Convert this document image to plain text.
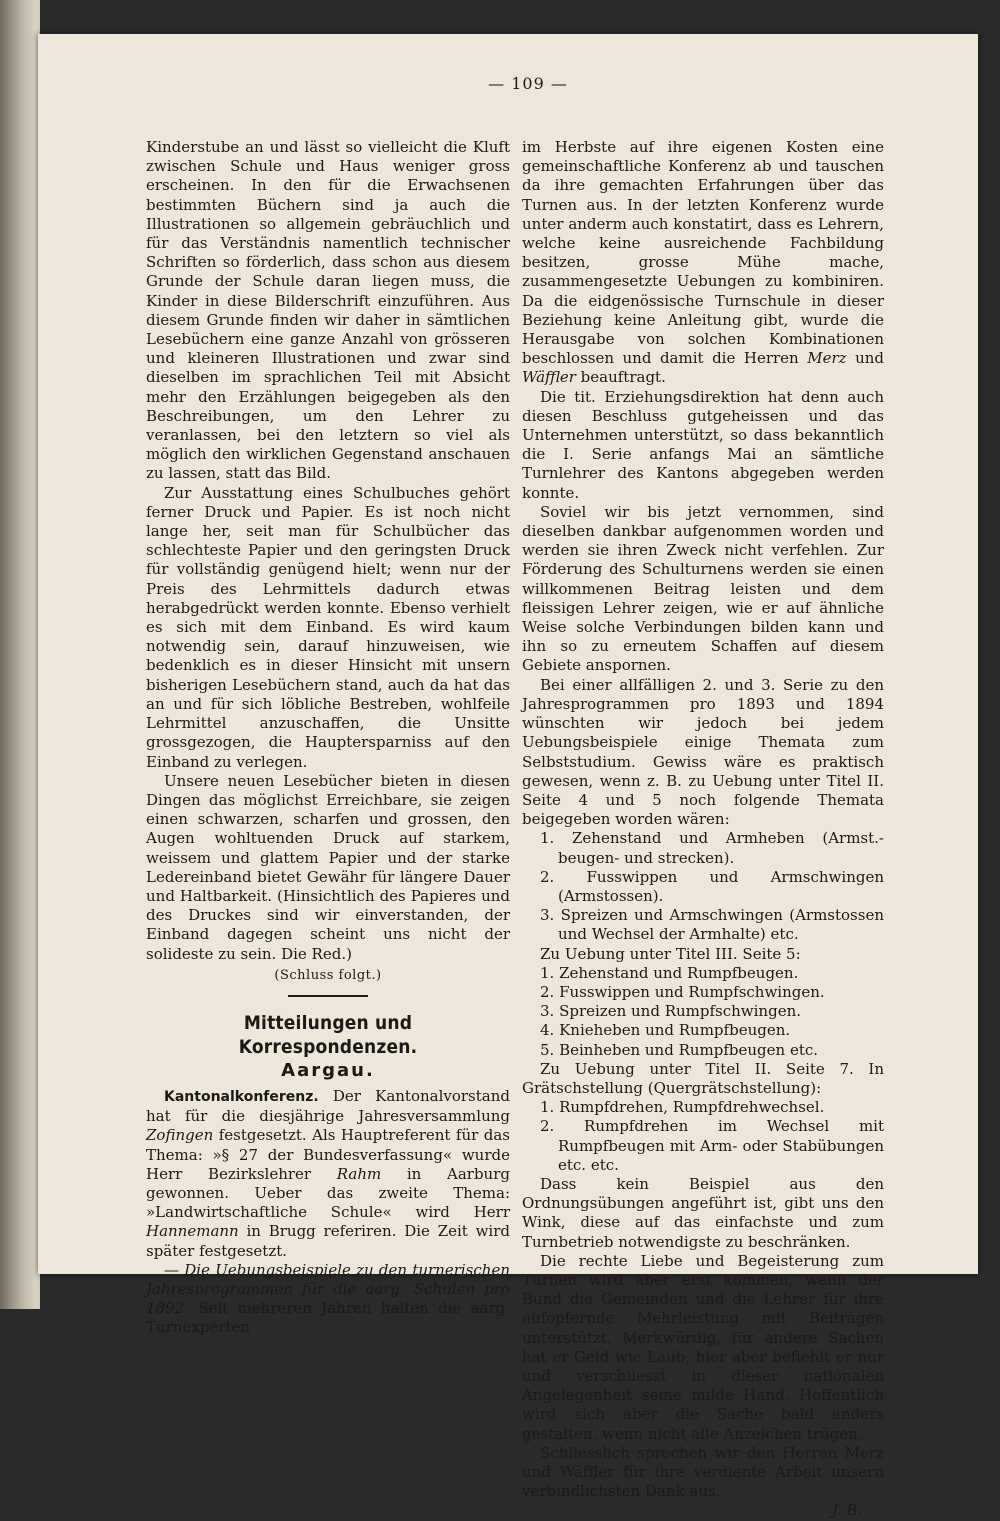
— 109 —

Kinderstube an und lässt so vielleicht die Kluft zwischen Schule und Haus weniger gross erscheinen. In den für die Erwachsenen bestimmten Büchern sind ja auch die Illustrationen so allgemein gebräuchlich und für das Verständnis namentlich technischer Schriften so förderlich, dass schon aus diesem Grunde der Schule daran liegen muss, die Kinder in diese Bilderschrift einzuführen. Aus diesem Grunde finden wir daher in sämtlichen Lesebüchern eine ganze Anzahl von grösseren und kleineren Illustrationen und zwar sind dieselben im sprachlichen Teil mit Absicht mehr den Erzählungen beigegeben als den Beschreibungen, um den Lehrer zu veranlassen, bei den letztern so viel als möglich den wirklichen Gegenstand anschauen zu lassen, statt das Bild.

Zur Ausstattung eines Schulbuches gehört ferner Druck und Papier. Es ist noch nicht lange her, seit man für Schulbücher das schlechteste Papier und den geringsten Druck für vollständig genügend hielt; wenn nur der Preis des Lehrmittels dadurch etwas herabgedrückt werden konnte. Ebenso verhielt es sich mit dem Einband. Es wird kaum notwendig sein, darauf hinzuweisen, wie bedenklich es in dieser Hinsicht mit unsern bisherigen Lesebüchern stand, auch da hat das an und für sich löbliche Bestreben, wohlfeile Lehrmittel anzuschaffen, die Unsitte grossgezogen, die Hauptersparniss auf den Einband zu verlegen.

Unsere neuen Lesebücher bieten in diesen Dingen das möglichst Erreichbare, sie zeigen einen schwarzen, scharfen und grossen, den Augen wohltuenden Druck auf starkem, weissem und glattem Papier und der starke Ledereinband bietet Gewähr für längere Dauer und Haltbarkeit. (Hinsichtlich des Papieres und des Druckes sind wir einverstanden, der Einband dagegen scheint uns nicht der solideste zu sein. Die Red.)

(Schluss folgt.)
Mitteilungen und Korrespondenzen.
Aargau.

Kantonalkonferenz. Der Kantonalvorstand hat für die diesjährige Jahresversammlung Zofingen festgesetzt. Als Hauptreferent für das Thema: »§ 27 der Bundesverfassung« wurde Herr Bezirkslehrer Rahm in Aarburg gewonnen. Ueber das zweite Thema: »Landwirtschaftliche Schule« wird Herr Hannemann in Brugg referiren. Die Zeit wird später festgesetzt.

— Die Uebungsbeispiele zu den turnerischen Jahresprogrammen für die aarg. Schulen pro 1892. Seit mehreren Jahren halten die aarg. Turnexperten

im Herbste auf ihre eigenen Kosten eine gemeinschaftliche Konferenz ab und tauschen da ihre gemachten Erfahrungen über das Turnen aus. In der letzten Konferenz wurde unter anderm auch konstatirt, dass es Lehrern, welche keine ausreichende Fachbildung besitzen, grosse Mühe mache, zusammengesetzte Uebungen zu kombiniren. Da die eidgenössische Turnschule in dieser Beziehung keine Anleitung gibt, wurde die Herausgabe von solchen Kombinationen beschlossen und damit die Herren Merz und Wäffler beauftragt.

Die tit. Erziehungsdirektion hat denn auch diesen Beschluss gutgeheissen und das Unternehmen unterstützt, so dass bekanntlich die I. Serie anfangs Mai an sämtliche Turnlehrer des Kantons abgegeben werden konnte.

Soviel wir bis jetzt vernommen, sind dieselben dankbar aufgenommen worden und werden sie ihren Zweck nicht verfehlen. Zur Förderung des Schulturnens werden sie einen willkommenen Beitrag leisten und dem fleissigen Lehrer zeigen, wie er auf ähnliche Weise solche Verbindungen bilden kann und ihn so zu erneutem Schaffen auf diesem Gebiete anspornen.

Bei einer allfälligen 2. und 3. Serie zu den Jahresprogrammen pro 1893 und 1894 wünschten wir jedoch bei jedem Uebungsbeispiele einige Themata zum Selbststudium. Gewiss wäre es praktisch gewesen, wenn z. B. zu Uebung unter Titel II. Seite 4 und 5 noch folgende Themata beigegeben worden wären:

1. Zehenstand und Armheben (Armst.-beugen- und strecken).
2. Fusswippen und Armschwingen (Armstossen).
3. Spreizen und Armschwingen (Armstossen und Wechsel der Armhalte) etc.

Zu Uebung unter Titel III. Seite 5:

1. Zehenstand und Rumpfbeugen.
2. Fusswippen und Rumpfschwingen.
3. Spreizen und Rumpfschwingen.
4. Knieheben und Rumpfbeugen.
5. Beinheben und Rumpfbeugen etc.

Zu Uebung unter Titel II. Seite 7. In Grätschstellung (Quergrätschstellung):

1. Rumpfdrehen, Rumpfdrehwechsel.
2. Rumpfdrehen im Wechsel mit Rumpfbeugen mit Arm- oder Stabübungen etc. etc.

Dass kein Beispiel aus den Ordnungsübungen angeführt ist, gibt uns den Wink, diese auf das einfachste und zum Turnbetrieb notwendigste zu beschränken.

Die rechte Liebe und Begeisterung zum Turnen wird aber erst kommen, wenn der Bund die Gemeinden und die Lehrer für ihre aufopfernde Mehrleistung mit Beiträgen unterstützt. Merkwürdig, für andere Sachen hat er Geld wie Laub, hier aber befiehlt er nur und verschliesst in dieser nationalen Angelegenheit seine milde Hand. Hoffentlich wird sich aber die Sache bald anders gestalten, wenn nicht alle Anzeichen trügen.

Schliesslich sprechen wir den Herren Merz und Wäffler für ihre verdiente Arbeit unsern verbindlichsten Dank aus.
J. B.
